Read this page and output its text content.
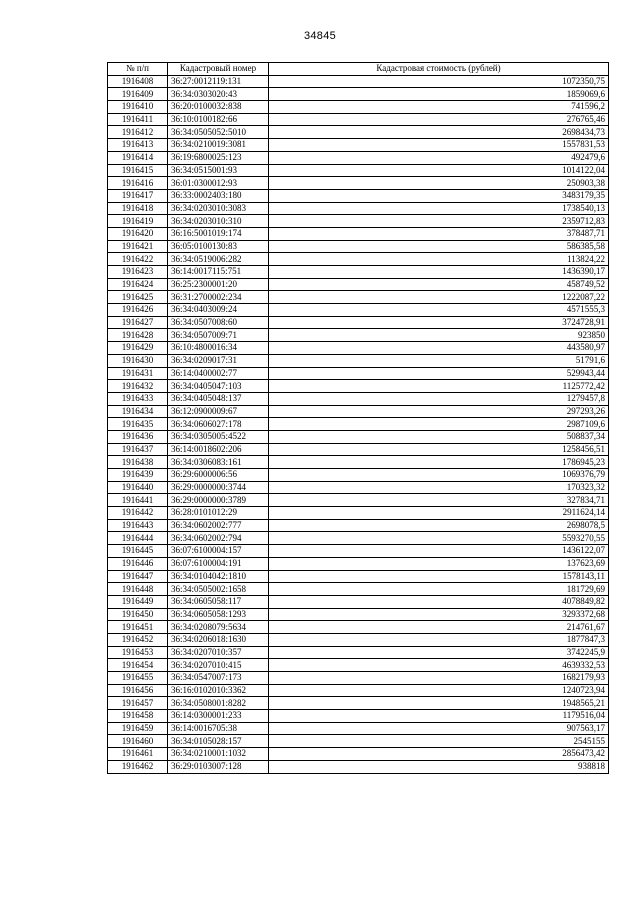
34845
№ п/п	Кадастровый номер	Кадастровая стоимость (рублей)
1916408	36:27:0012119:131	1072350,75
1916409	36:34:0303020:43	1859069,6
1916410	36:20:0100032:838	741596,2
1916411	36:10:0100182:66	276765,46
1916412	36:34:0505052:5010	2698434,73
1916413	36:34:0210019:3081	1557831,53
1916414	36:19:6800025:123	492479,6
1916415	36:34:0515001:93	1014122,04
1916416	36:01:0300012:93	250903,38
1916417	36:33:0002403:180	3483179,35
1916418	36:34:0203010:3083	1738540,13
1916419	36:34:0203010:310	2359712,83
1916420	36:16:5001019:174	378487,71
1916421	36:05:0100130:83	586385,58
1916422	36:34:0519006:282	113824,22
1916423	36:14:0017115:751	1436390,17
1916424	36:25:2300001:20	458749,52
1916425	36:31:2700002:234	1222087,22
1916426	36:34:0403009:24	4571555,3
1916427	36:34:0507008:60	3724728,91
1916428	36:34:0507009:71	923850
1916429	36:10:4800016:34	443580,97
1916430	36:34:0209017:31	51791,6
1916431	36:14:0400002:77	529943,44
1916432	36:34:0405047:103	1125772,42
1916433	36:34:0405048:137	1279457,8
1916434	36:12:0900009:67	297293,26
1916435	36:34:0606027:178	2987109,6
1916436	36:34:0305005:4522	508837,34
1916437	36:14:0018602:206	1258456,51
1916438	36:34:0306083:161	1786945,23
1916439	36:29:6000006:56	1069376,79
1916440	36:29:0000000:3744	170323,32
1916441	36:29:0000000:3789	327834,71
1916442	36:28:0101012:29	2911624,14
1916443	36:34:0602002:777	2698078,5
1916444	36:34:0602002:794	5593270,55
1916445	36:07:6100004:157	1436122,07
1916446	36:07:6100004:191	137623,69
1916447	36:34:0104042:1810	1578143,11
1916448	36:34:0505002:1658	181729,69
1916449	36:34:0605058:117	4078849,82
1916450	36:34:0605058:1293	3293372,68
1916451	36:34:0208079:5634	214761,67
1916452	36:34:0206018:1630	1877847,3
1916453	36:34:0207010:357	3742245,9
1916454	36:34:0207010:415	4639332,53
1916455	36:34:0547007:173	1682179,93
1916456	36:16:0102010:3362	1240723,94
1916457	36:34:0508001:8282	1948565,21
1916458	36:14:0300001:233	1179516,04
1916459	36:14:0016705:38	907563,17
1916460	36:34:0105028:157	2545155
1916461	36:34:0210001:1032	2856473,42
1916462	36:29:0103007:128	938818
